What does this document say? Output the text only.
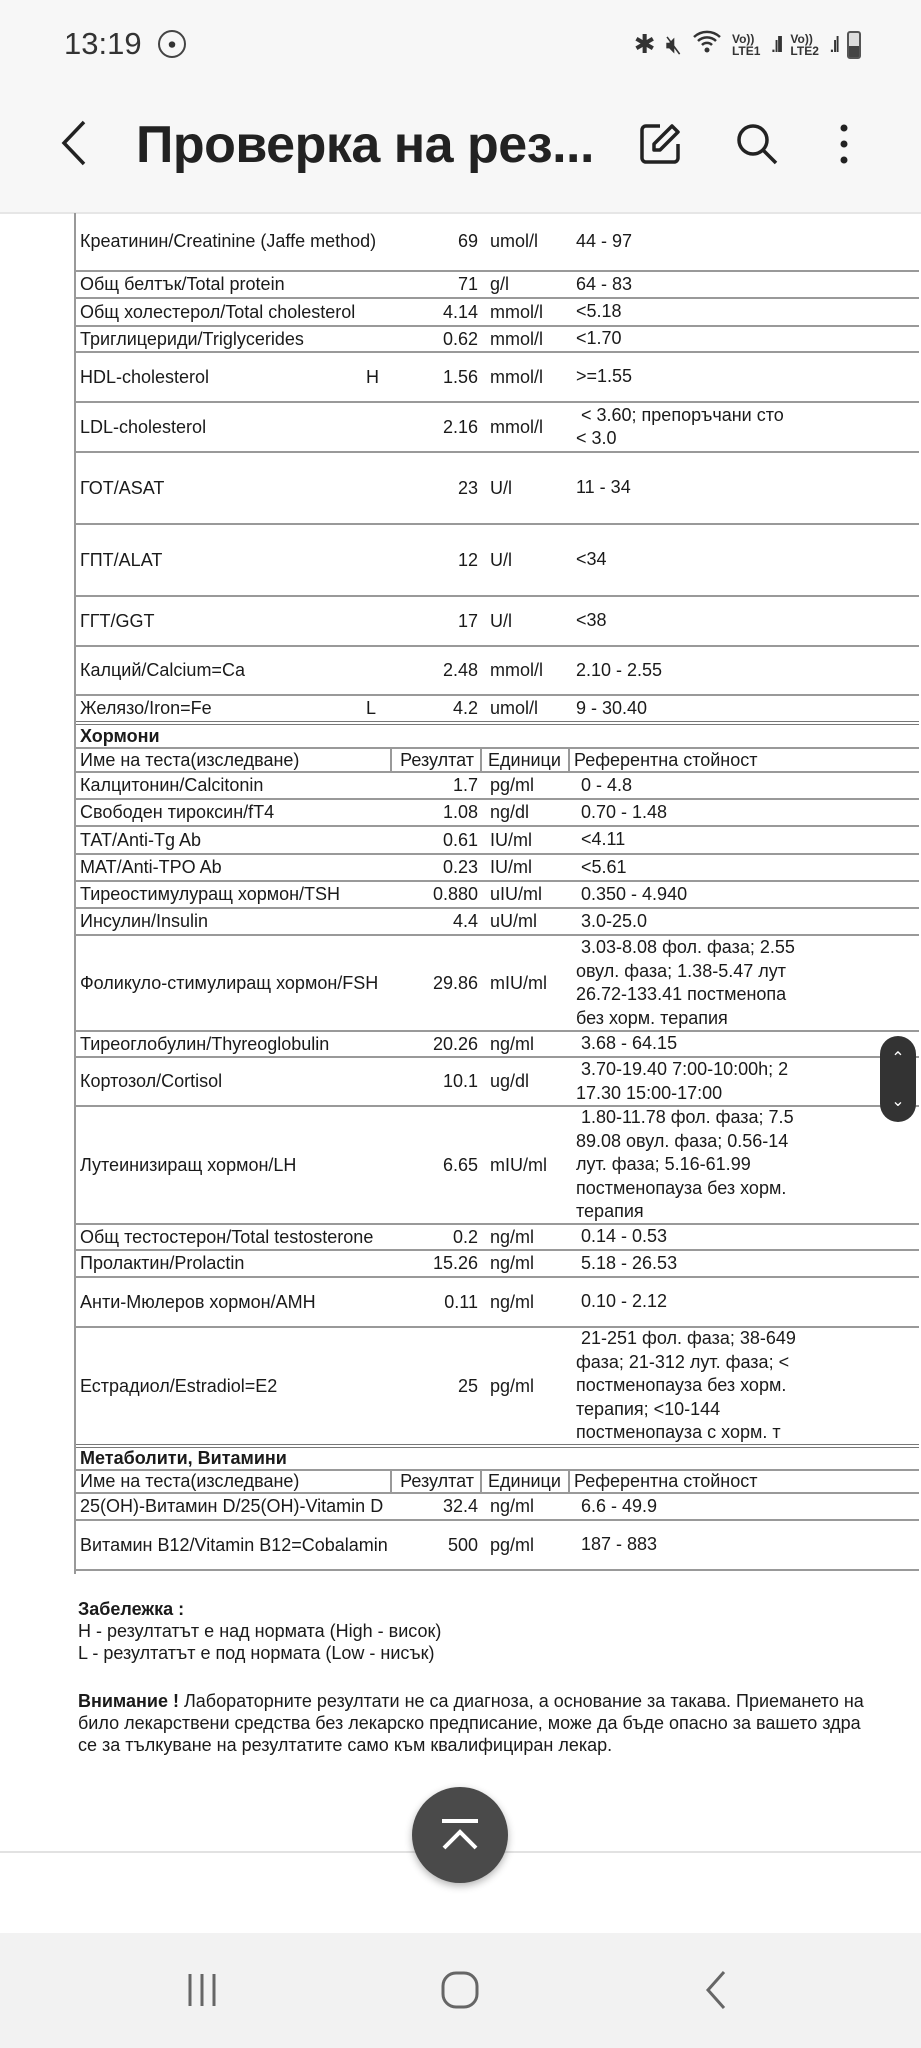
13:19	⏺	✱ 🔇︎	Vo))
LTE1 .ıll Vo))
LTE2 .ıl
Проверка на рез...
Креатинин/Creatinine (Jaffe method)	69 umol/l 44 - 97
Общ белтък/Total protein	71 g/l	64 - 83
Общ холестерол/Total cholesterol	4.14 mmol/l <5.18
Триглицериди/Triglycerides	0.62 mmol/l <1.70
HDL-cholesterol	H	1.56 mmol/l >=1.55
LDL-cholesterol	2.16 mmol/l
< 3.60; препоръчани сто
< 3.0
ГОТ/ASAT	23 U/l	11 - 34
ГПТ/ALAT	12 U/l	<34
ГГТ/GGT	17 U/l	<38
Калций/Calcium=Ca	2.48 mmol/l 2.10 - 2.55
Желязо/Iron=Fe	L	4.2 umol/l 9 - 30.40
Хормони
Име на теста(изследване)	Резултат Единици Референтна стойност
Калцитонин/Calcitonin	1.7 pg/ml 0 - 4.8
Свободен тироксин/fT4	1.08 ng/dl	0.70 - 1.48
ТАТ/Anti-Tg Ab	0.61 IU/ml <4.11
МАТ/Anti-TPO Ab	0.23 IU/ml <5.61
Тиреостимулуращ хормон/TSH	0.880 uIU/ml 0.350 - 4.940
Инсулин/Insulin	4.4 uU/ml 3.0-25.0
Фоликуло-стимулиращ хормон/FSH	29.86 mIU/ml
3.03-8.08 фол. фаза; 2.55
овул. фаза; 1.38-5.47 лут
26.72-133.41 постменопа
без хорм. терапия
Тиреоглобулин/Thyreoglobulin	20.26 ng/ml 3.68 - 64.15
Кортозол/Cortisol	10.1 ug/dl
3.70-19.40 7:00-10:00h; 2
17.30 15:00-17:00
Лутеинизиращ хормон/LH	6.65 mIU/ml
1.80-11.78 фол. фаза; 7.5
89.08 овул. фаза; 0.56-14
лут. фаза; 5.16-61.99
постменопауза без хорм.
терапия
Общ тестостерон/Total testosterone	0.2 ng/ml 0.14 - 0.53
Пролактин/Prolactin	15.26 ng/ml 5.18 - 26.53
Анти-Мюлеров хормон/AMH	0.11 ng/ml 0.10 - 2.12
Естрадиол/Estradiol=E2	25 pg/ml
21-251 фол. фаза; 38-649
фаза; 21-312 лут. фаза; <
постменопауза без хорм.
терапия; <10-144
постменопауза с хорм. т
Метаболити, Витамини
Име на теста(изследване)	Резултат Единици Референтна стойност
25(OH)-Витамин D/25(OH)-Vitamin D	32.4 ng/ml 6.6 - 49.9
Витамин B12/Vitamin B12=Cobalamin	500 pg/ml 187 - 883
Забележка :
H - резултатът е над нормата (High - висок)
L - резултатът е под нормата (Low - нисък)
Внимание ! Лабораторните резултати не са диагноза, а основание за такава. Приемането на
било лекарствени средства без лекарско предписание, може да бъде опасно за вашето здра
се за тълкуване на резултатите само към квалифициран лекар.
⌃
⌄
